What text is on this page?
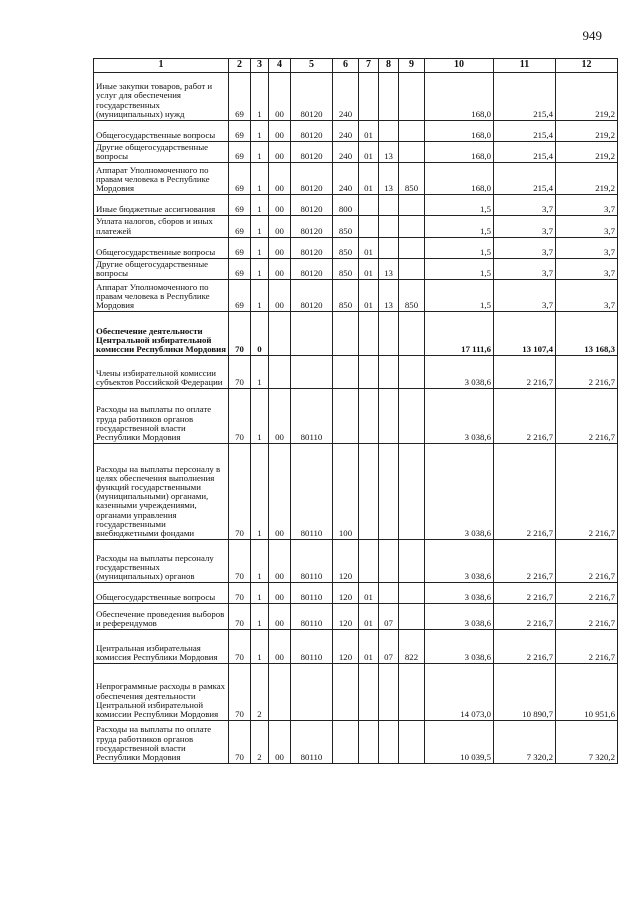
949
1	2	3	4	5	6	7	8	9	10	11	12
Иные закупки товаров, работ и услуг для обеспечения государственных (муниципальных) нужд	69	1	00	80120	240				168,0	215,4	219,2
Общегосударственные вопросы	69	1	00	80120	240	01			168,0	215,4	219,2
Другие общегосударственные вопросы	69	1	00	80120	240	01	13		168,0	215,4	219,2
Аппарат Уполномоченного по правам человека в Республике Мордовия	69	1	00	80120	240	01	13	850	168,0	215,4	219,2
Иные бюджетные ассигнования	69	1	00	80120	800				1,5	3,7	3,7
Уплата налогов, сборов и иных платежей	69	1	00	80120	850				1,5	3,7	3,7
Общегосударственные вопросы	69	1	00	80120	850	01			1,5	3,7	3,7
Другие общегосударственные вопросы	69	1	00	80120	850	01	13		1,5	3,7	3,7
Аппарат Уполномоченного по правам человека в Республике Мордовия	69	1	00	80120	850	01	13	850	1,5	3,7	3,7
Обеспечение деятельности Центральной избирательной комиссии Республики Мордовия	70	0							17 111,6	13 107,4	13 168,3
Члены избирательной комиссии субъектов Российской Федерации	70	1							3 038,6	2 216,7	2 216,7
Расходы на выплаты по оплате труда работников органов государственной власти Республики Мордовия	70	1	00	80110					3 038,6	2 216,7	2 216,7
Расходы на выплаты персоналу в целях обеспечения выполнения функций государственными (муниципальными) органами, казенными учреждениями, органами управления государственными внебюджетными фондами	70	1	00	80110	100				3 038,6	2 216,7	2 216,7
Расходы на выплаты персоналу государственных (муниципальных) органов	70	1	00	80110	120				3 038,6	2 216,7	2 216,7
Общегосударственные вопросы	70	1	00	80110	120	01			3 038,6	2 216,7	2 216,7
Обеспечение проведения выборов и референдумов	70	1	00	80110	120	01	07		3 038,6	2 216,7	2 216,7
Центральная избирательная комиссия Республики Мордовия	70	1	00	80110	120	01	07	822	3 038,6	2 216,7	2 216,7
Непрограммные расходы в рамках обеспечения деятельности Центральной избирательной комиссии Республики Мордовия	70	2							14 073,0	10 890,7	10 951,6
Расходы на выплаты по оплате труда работников органов государственной власти Республики Мордовия	70	2	00	80110					10 039,5	7 320,2	7 320,2
